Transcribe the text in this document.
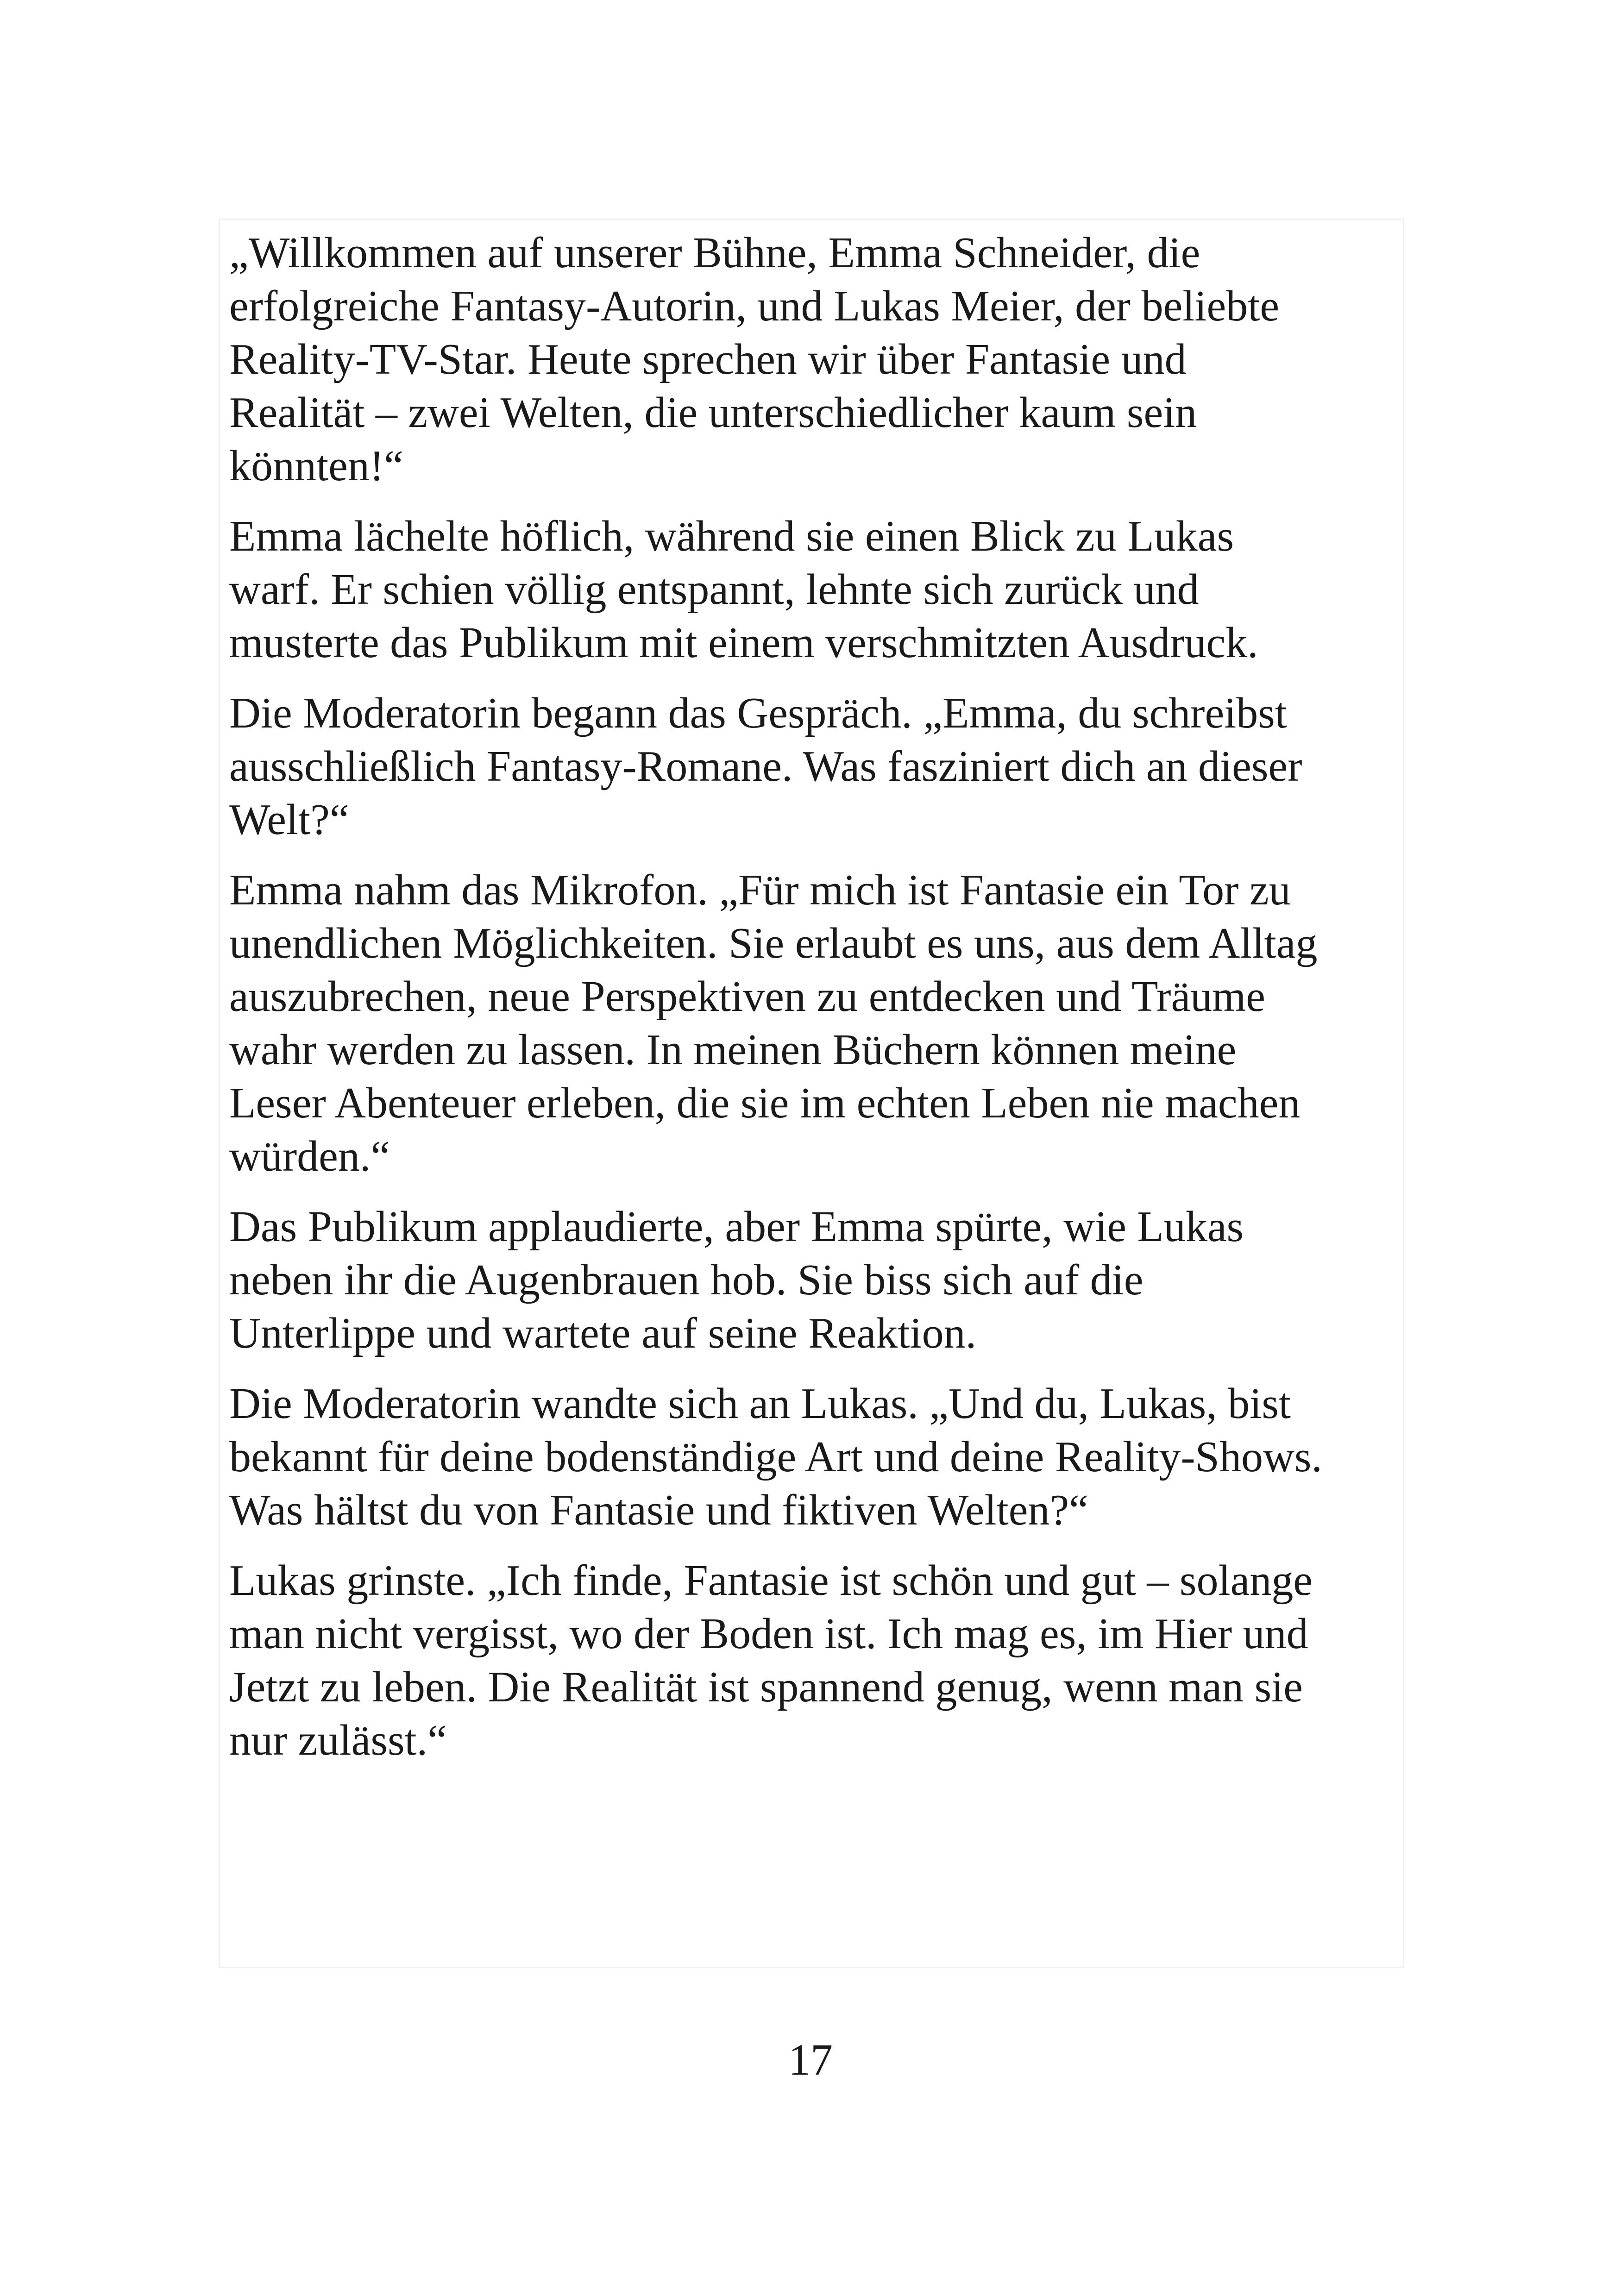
„Willkommen auf unserer Bühne, Emma Schneider, die
erfolgreiche Fantasy-Autorin, und Lukas Meier, der beliebte
Reality-TV-Star. Heute sprechen wir über Fantasie und
Realität – zwei Welten, die unterschiedlicher kaum sein
könnten!“

Emma lächelte höflich, während sie einen Blick zu Lukas
warf. Er schien völlig entspannt, lehnte sich zurück und
musterte das Publikum mit einem verschmitzten Ausdruck.

Die Moderatorin begann das Gespräch. „Emma, du schreibst
ausschließlich Fantasy-Romane. Was fasziniert dich an dieser
Welt?“

Emma nahm das Mikrofon. „Für mich ist Fantasie ein Tor zu
unendlichen Möglichkeiten. Sie erlaubt es uns, aus dem Alltag
auszubrechen, neue Perspektiven zu entdecken und Träume
wahr werden zu lassen. In meinen Büchern können meine
Leser Abenteuer erleben, die sie im echten Leben nie machen
würden.“

Das Publikum applaudierte, aber Emma spürte, wie Lukas
neben ihr die Augenbrauen hob. Sie biss sich auf die
Unterlippe und wartete auf seine Reaktion.

Die Moderatorin wandte sich an Lukas. „Und du, Lukas, bist
bekannt für deine bodenständige Art und deine Reality-Shows.
Was hältst du von Fantasie und fiktiven Welten?“

Lukas grinste. „Ich finde, Fantasie ist schön und gut – solange
man nicht vergisst, wo der Boden ist. Ich mag es, im Hier und
Jetzt zu leben. Die Realität ist spannend genug, wenn man sie
nur zulässt.“

17
